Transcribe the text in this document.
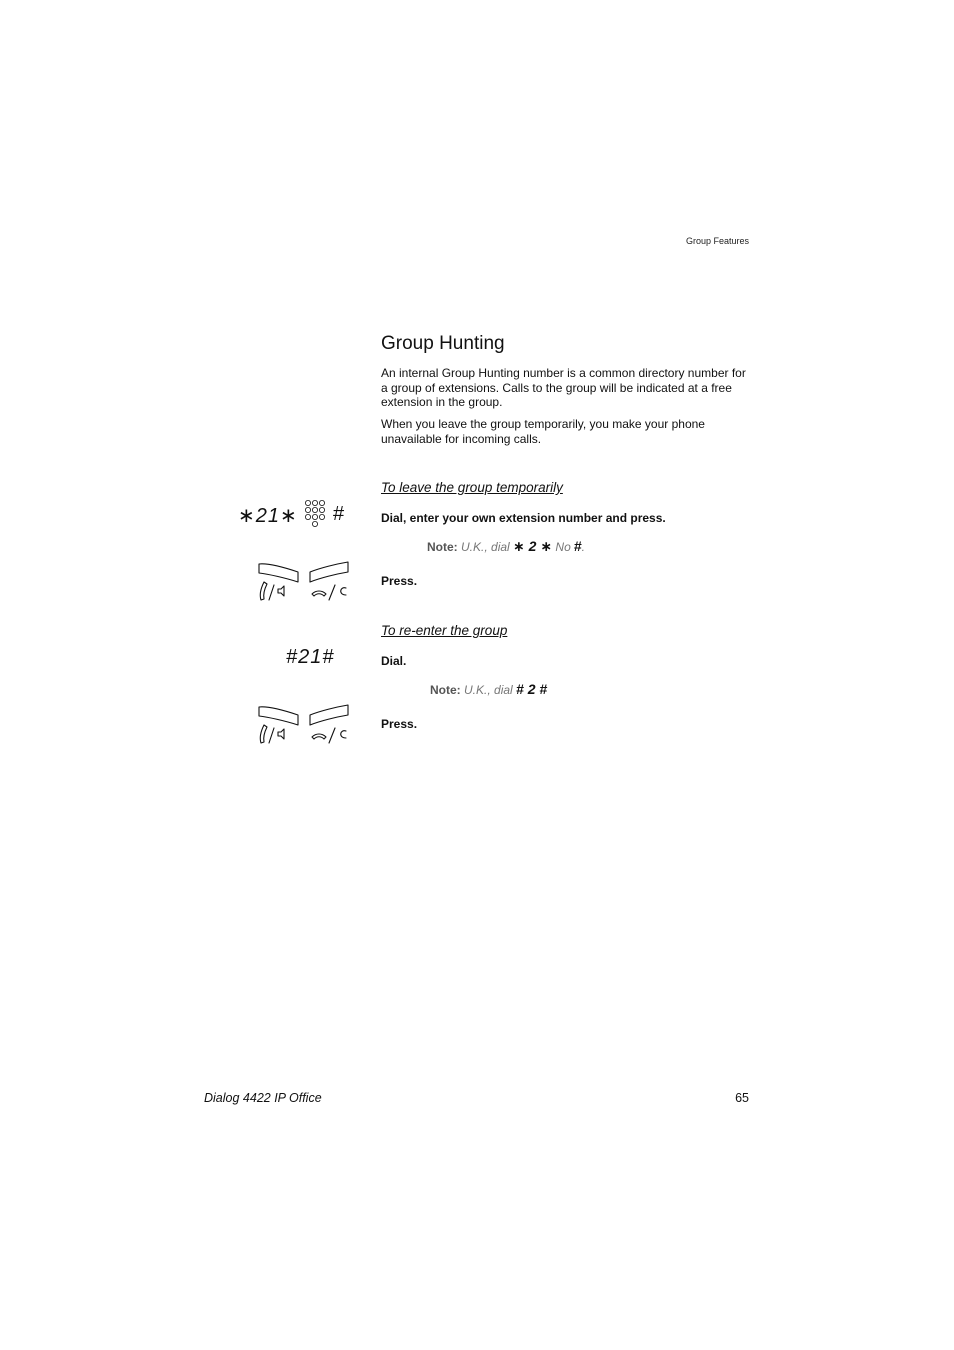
Group Features
Group Hunting

An internal Group Hunting number is a common directory number for a group of extensions. Calls to the group will be indicated at a free extension in the group.

When you leave the group temporarily, you make your phone unavailable for incoming calls.

To leave the group temporarily
∗21∗ #	Dial, enter your own extension number and press.
Note: U.K., dial ∗ 2 ∗ No #.
Press.
To re-enter the group
#21#	Dial.
Note: U.K., dial # 2 #
Press.
Dialog 4422 IP Office	65
